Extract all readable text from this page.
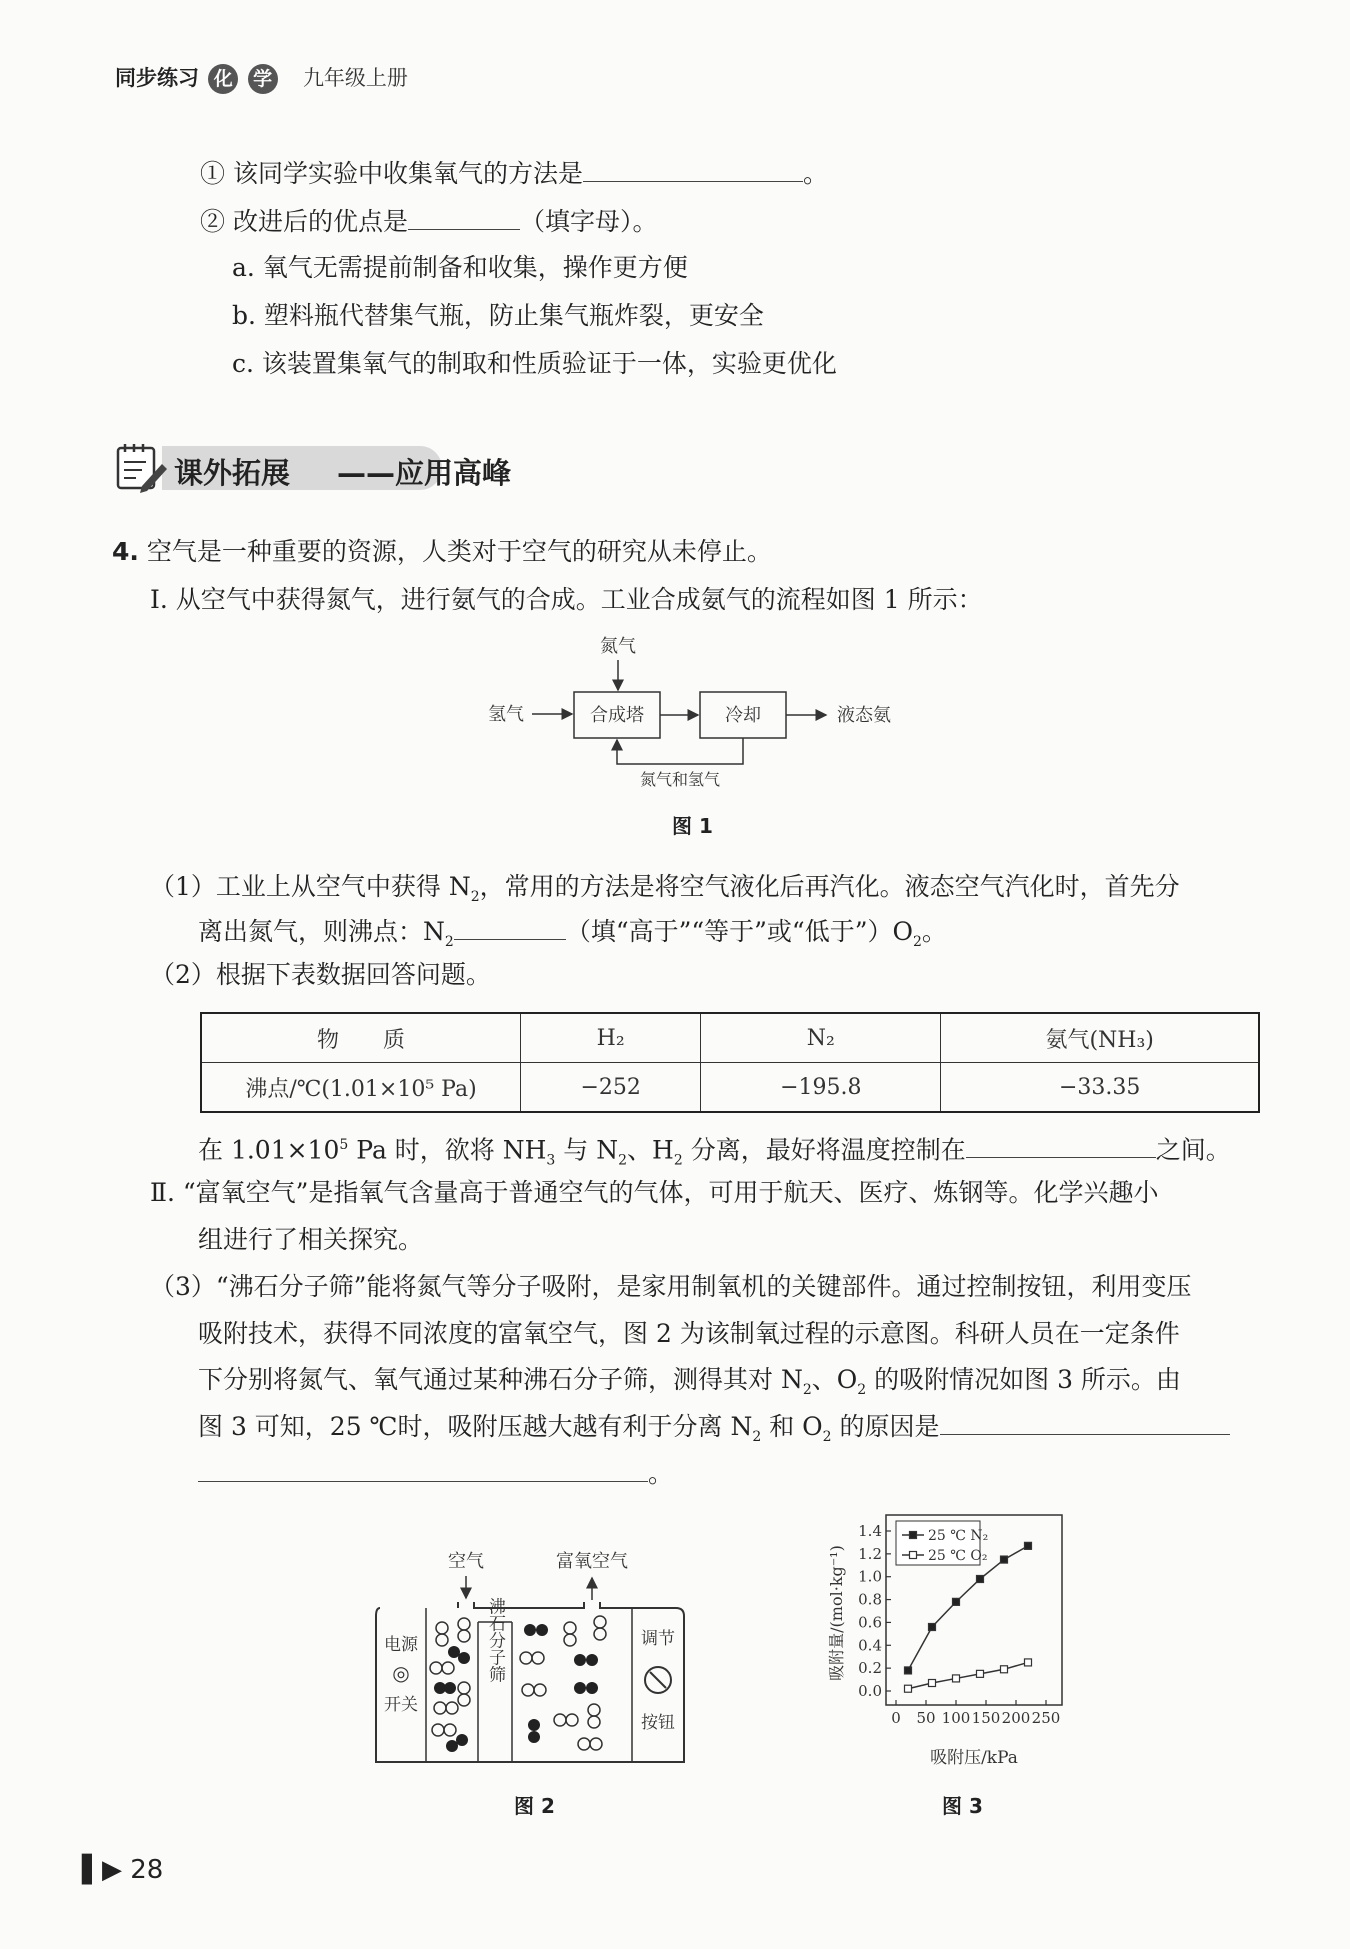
同步练习 化 学 九年级上册
① 该同学实验中收集氧气的方法是	。
② 改进后的优点是	（填字母）。
a. 氧气无需提前制备和收集，操作更方便
b. 塑料瓶代替集气瓶，防止集气瓶炸裂，更安全
c. 该装置集氧气的制取和性质验证于一体，实验更优化
课外拓展 ——应用高峰
4. 空气是一种重要的资源，人类对于空气的研究从未停止。
Ⅰ. 从空气中获得氮气，进行氨气的合成。工业合成氨气的流程如图 1 所示：
氮气
氢气	合成塔	冷却	液态氨
氮气和氢气
图 1
（1）工业上从空气中获得 $N_2$，常用的方法是将空气液化后再汽化。液态空气汽化时，首先分
离出氮气，则沸点：$N_2$	（填“高于”“等于”或“低于$”)O_2$。
（2）根据下表数据回答问题。
物　　质	H₂	N₂	氨气(NH₃)
沸点/℃(1.01×10⁵ Pa)	−252	−195.8	−33.35
在 $1.01\times 10^5$ Pa 时，欲将 $NH_3$ 与 $N_2$、$H_2$ 分离，最好将温度控制在	之间。
Ⅱ. “富氧空气”是指氧气含量高于普通空气的气体，可用于航天、医疗、炼钢等。化学兴趣小
组进行了相关探究。
（3）“沸石分子筛”能将氮气等分子吸附，是家用制氧机的关键部件。通过控制按钮，利用变压
吸附技术，获得不同浓度的富氧空气，图 2 为该制氧过程的示意图。科研人员在一定条件
下分别将氮气、氧气通过某种沸石分子筛，测得其对 $N_2$、$O_2$ 的吸附情况如图 3 所示。由
图 3 可知，25 ℃时，吸附压越大越有利于分离 $N_2$ 和 $O_2$ 的原因是
。
空气	富氧空气
电源
◎
开关
沸石分子筛	调节
按钮
图 2
0.0
0.2
0.4
0.6
0.8
1.0
1.2
1.4
0 50 100 150 200 250
25 ℃ N₂
25 ℃ O₂
吸附量/(mol·kg⁻¹)
吸附压/kPa
图 3
▌▶ 28
